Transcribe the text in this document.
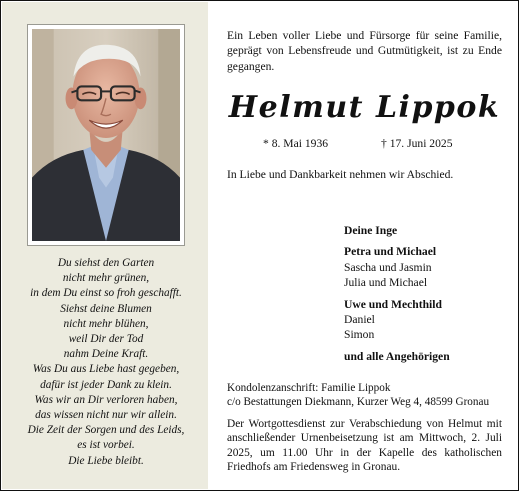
Du siehst den Garten
nicht mehr grünen,
in dem Du einst so froh geschafft.
Siehst deine Blumen
nicht mehr blühen,
weil Dir der Tod
nahm Deine Kraft.
Was Du aus Liebe hast gegeben,
dafür ist jeder Dank zu klein.
Was wir an Dir verloren haben,
das wissen nicht nur wir allein.
Die Zeit der Sorgen und des Leids,
es ist vorbei.
Die Liebe bleibt.
Ein Leben voller Liebe und Fürsorge für seine Familie, geprägt von Lebensfreude und Gutmütigkeit, ist zu Ende gegangen.
Helmut Lippok
* 8. Mai 1936	† 17. Juni 2025
In Liebe und Dankbarkeit nehmen wir Abschied.
Deine Inge
Petra und Michael
Sascha und Jasmin
Julia und Michael
Uwe und Mechthild
Daniel
Simon
und alle Angehörigen
Kondolenzanschrift: Familie Lippok
c/o Bestattungen Diekmann, Kurzer Weg 4, 48599 Gronau
Der Wortgottesdienst zur Verabschiedung von Helmut mit anschließender Urnenbeisetzung ist am Mittwoch, 2. Juli 2025, um 11.00 Uhr in der Kapelle des katholischen Friedhofs am Friedensweg in Gronau.
